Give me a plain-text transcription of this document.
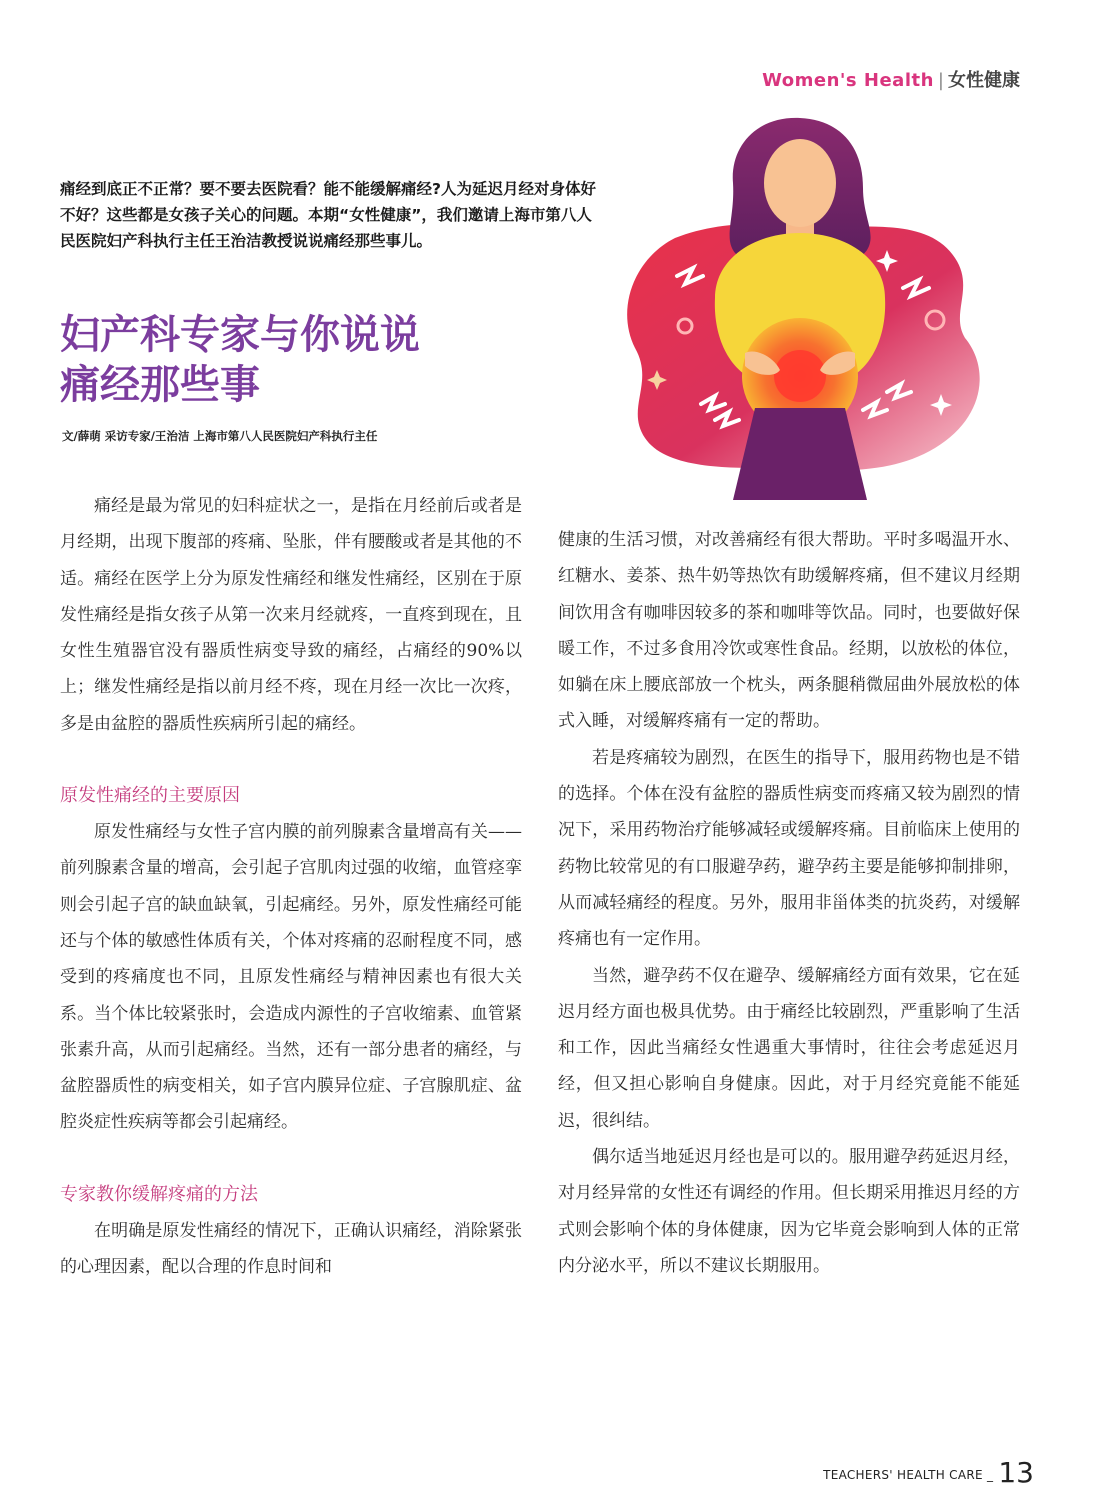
Women's Health | 女性健康
痛经到底正不正常？要不要去医院看？能不能缓解痛经?人为延迟月经对身体好不好？这些都是女孩子关心的问题。本期“女性健康”，我们邀请上海市第八人民医院妇产科执行主任王治洁教授说说痛经那些事儿。
妇产科专家与你说说
痛经那些事
文/薛萌 采访专家/王治洁 上海市第八人民医院妇产科执行主任

痛经是最为常见的妇科症状之一，是指在月经前后或者是月经期，出现下腹部的疼痛、坠胀，伴有腰酸或者是其他的不适。痛经在医学上分为原发性痛经和继发性痛经，区别在于原发性痛经是指女孩子从第一次来月经就疼，一直疼到现在，且女性生殖器官没有器质性病变导致的痛经，占痛经的90%以上；继发性痛经是指以前月经不疼，现在月经一次比一次疼，多是由盆腔的器质性疾病所引起的痛经。

原发性痛经的主要原因

原发性痛经与女性子宫内膜的前列腺素含量增高有关——前列腺素含量的增高，会引起子宫肌肉过强的收缩，血管痉挛则会引起子宫的缺血缺氧，引起痛经。另外，原发性痛经可能还与个体的敏感性体质有关，个体对疼痛的忍耐程度不同，感受到的疼痛度也不同，且原发性痛经与精神因素也有很大关系。当个体比较紧张时，会造成内源性的子宫收缩素、血管紧张素升高，从而引起痛经。当然，还有一部分患者的痛经，与盆腔器质性的病变相关，如子宫内膜异位症、子宫腺肌症、盆腔炎症性疾病等都会引起痛经。

专家教你缓解疼痛的方法

在明确是原发性痛经的情况下，正确认识痛经，消除紧张的心理因素，配以合理的作息时间和

健康的生活习惯，对改善痛经有很大帮助。平时多喝温开水、红糖水、姜茶、热牛奶等热饮有助缓解疼痛，但不建议月经期间饮用含有咖啡因较多的茶和咖啡等饮品。同时，也要做好保暖工作，不过多食用冷饮或寒性食品。经期，以放松的体位，如躺在床上腰底部放一个枕头，两条腿稍微屈曲外展放松的体式入睡，对缓解疼痛有一定的帮助。

若是疼痛较为剧烈，在医生的指导下，服用药物也是不错的选择。个体在没有盆腔的器质性病变而疼痛又较为剧烈的情况下，采用药物治疗能够减轻或缓解疼痛。目前临床上使用的药物比较常见的有口服避孕药，避孕药主要是能够抑制排卵，从而减轻痛经的程度。另外，服用非甾体类的抗炎药，对缓解疼痛也有一定作用。

当然，避孕药不仅在避孕、缓解痛经方面有效果，它在延迟月经方面也极具优势。由于痛经比较剧烈，严重影响了生活和工作，因此当痛经女性遇重大事情时，往往会考虑延迟月经，但又担心影响自身健康。因此，对于月经究竟能不能延迟，很纠结。

偶尔适当地延迟月经也是可以的。服用避孕药延迟月经，对月经异常的女性还有调经的作用。但长期采用推迟月经的方式则会影响个体的身体健康，因为它毕竟会影响到人体的正常内分泌水平，所以不建议长期服用。

TEACHERS' HEALTH CARE _ 13
